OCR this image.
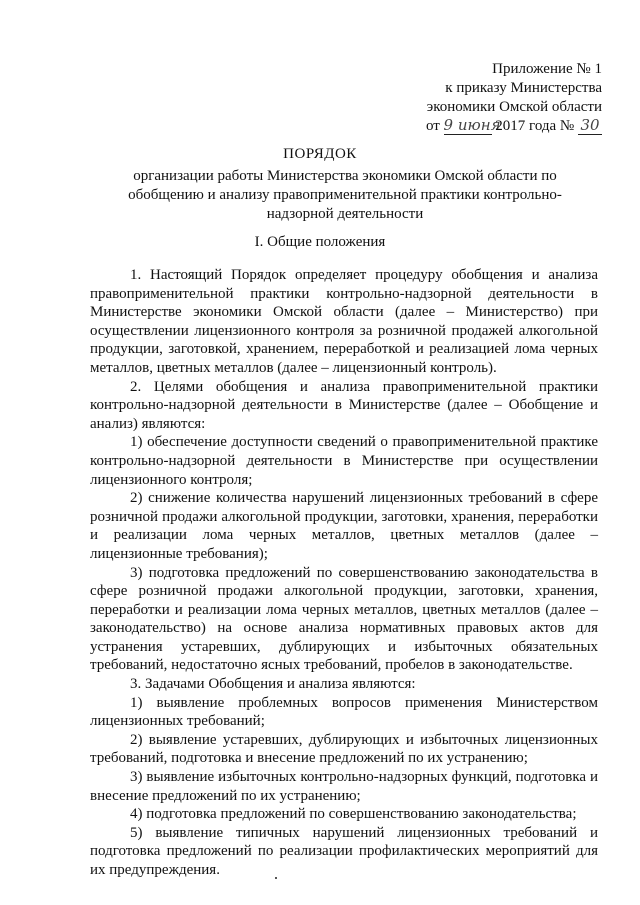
Приложение № 1
к приказу Министерства
экономики Омской области
от 9 июня 2017 года № 30
ПОРЯДОК
организации работы Министерства экономики Омской области по обобщению и анализу правоприменительной практики контрольно-надзорной деятельности
I. Общие положения

1. Настоящий Порядок определяет процедуру обобщения и анализа правоприменительной практики контрольно-надзорной деятельности в Министерстве экономики Омской области (далее – Министерство) при осуществлении лицензионного контроля за розничной продажей алкогольной продукции, заготовкой, хранением, переработкой и реализацией лома черных металлов, цветных металлов (далее – лицензионный контроль).

2. Целями обобщения и анализа правоприменительной практики контрольно-надзорной деятельности в Министерстве (далее – Обобщение и анализ) являются:

1) обеспечение доступности сведений о правоприменительной практике контрольно-надзорной деятельности в Министерстве при осуществлении лицензионного контроля;

2) снижение количества нарушений лицензионных требований в сфере розничной продажи алкогольной продукции, заготовки, хранения, переработки и реализации лома черных металлов, цветных металлов (далее – лицензионные требования);

3) подготовка предложений по совершенствованию законодательства в сфере розничной продажи алкогольной продукции, заготовки, хранения, переработки и реализации лома черных металлов, цветных металлов (далее – законодательство) на основе анализа нормативных правовых актов для устранения устаревших, дублирующих и избыточных обязательных требований, недостаточно ясных требований, пробелов в законодательстве.

3. Задачами Обобщения и анализа являются:

1) выявление проблемных вопросов применения Министерством лицензионных требований;

2) выявление устаревших, дублирующих и избыточных лицензионных требований, подготовка и внесение предложений по их устранению;

3) выявление избыточных контрольно-надзорных функций, подготовка и внесение предложений по их устранению;

4) подготовка предложений по совершенствованию законодательства;

5) выявление типичных нарушений лицензионных требований и подготовка предложений по реализации профилактических мероприятий для их предупреждения.
